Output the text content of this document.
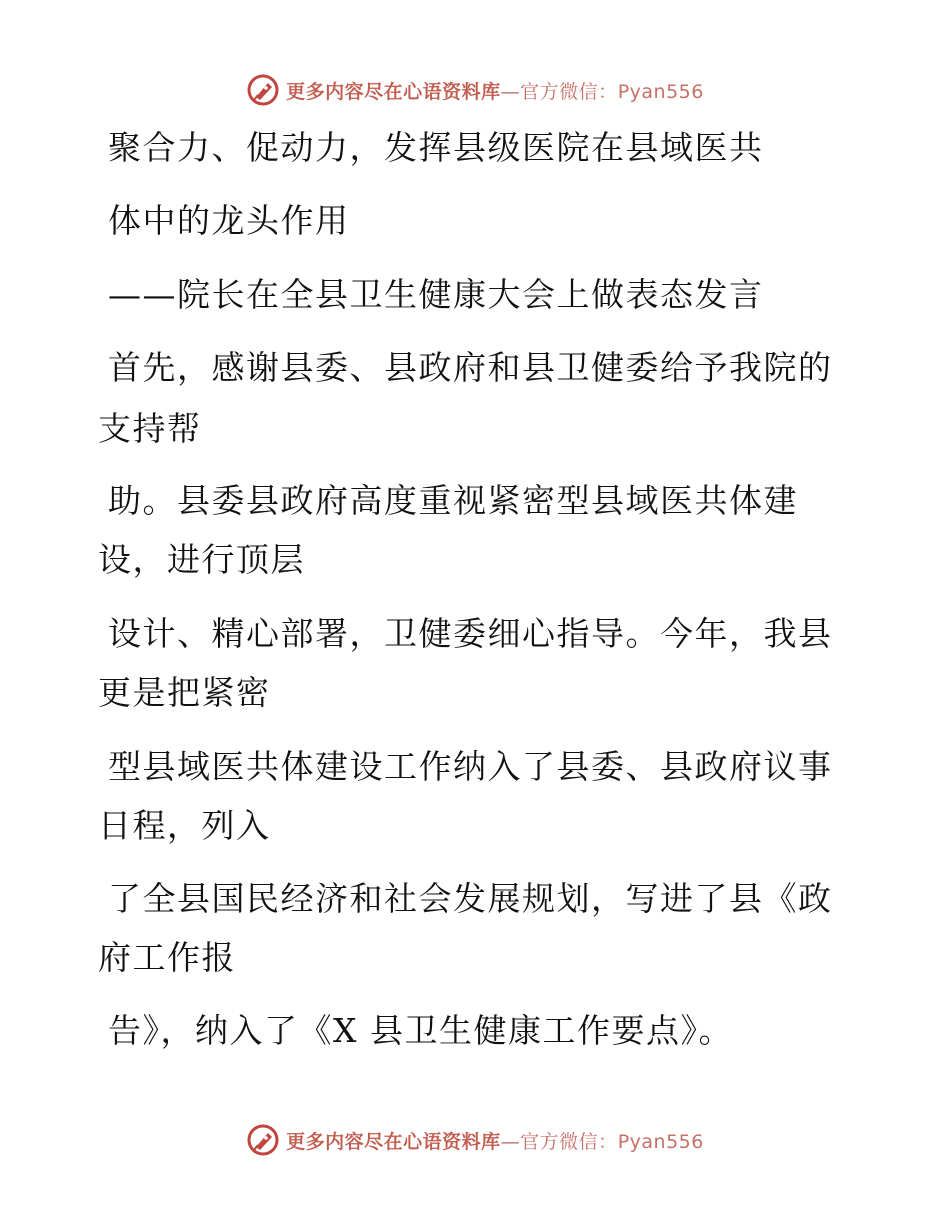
更多内容尽在心语资料库—官方微信：Pyan556
聚合力、促动力，发挥县级医院在县域医共
体中的龙头作用
——院长在全县卫生健康大会上做表态发言
首先，感谢县委、县政府和县卫健委给予我院的
支持帮
助。县委县政府高度重视紧密型县域医共体建
设，进行顶层
设计、精心部署，卫健委细心指导。今年，我县
更是把紧密
型县域医共体建设工作纳入了县委、县政府议事
日程，列入
了全县国民经济和社会发展规划，写进了县《政
府工作报
告》，纳入了《X 县卫生健康工作要点》。
更多内容尽在心语资料库—官方微信：Pyan556
